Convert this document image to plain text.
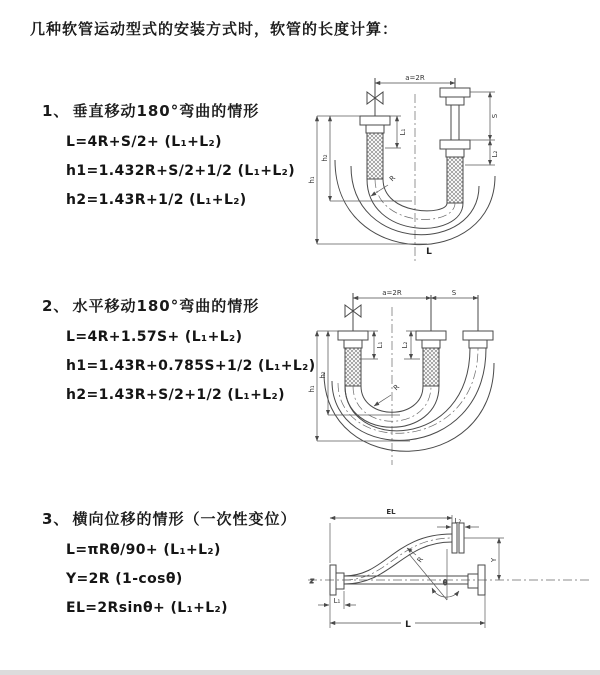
几种软管运动型式的安装方式时，软管的长度计算：
1、 垂直移动180°弯曲的情形
L=4R+S/2+ (L₁+L₂)
h1=1.432R+S/2+1/2 (L₁+L₂)
h2=1.43R+1/2 (L₁+L₂)
2、 水平移动180°弯曲的情形
L=4R+1.57S+ (L₁+L₂)
h1=1.43R+0.785S+1/2 (L₁+L₂)
h2=1.43R+S/2+1/2 (L₁+L₂)
3、 横向位移的情形（一次性变位）
L=πRθ/90+ (L₁+L₂)
Y=2R (1-cosθ)
EL=2Rsinθ+ (L₁+L₂)
a=2R
h₁
h₂
L₁
S
L₂
R
L
a=2R	S
h₁
h₂
L₁ L₂
R
z	θ
EL
L₂
Y
L
L₁
R
